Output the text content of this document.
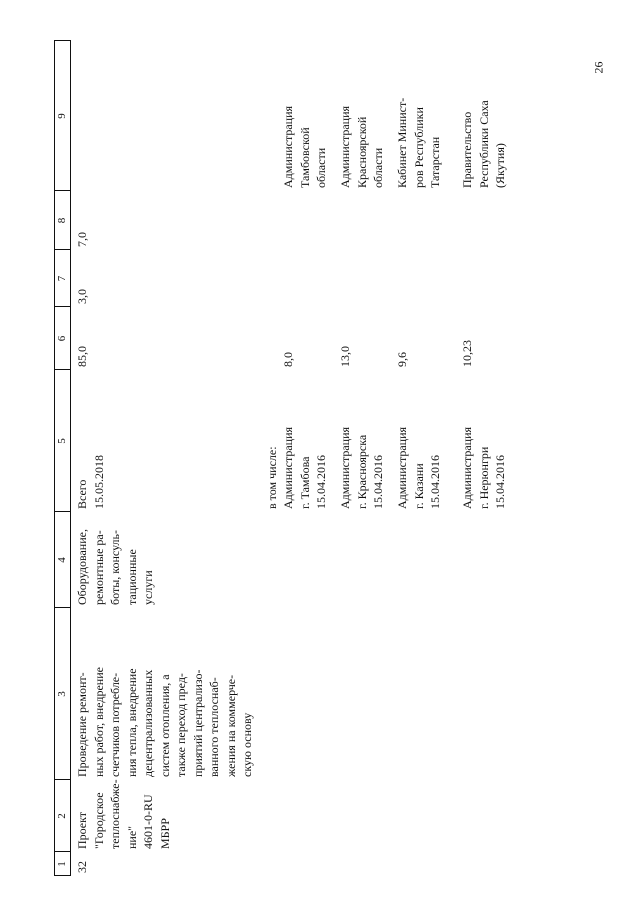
26
1
2
3
4
5
6
7
8
9
32
Проект
"Городское
теплоснабже-
ние"
4601-0-RU
МБРР
Проведение ремонт-
ных работ, внедрение
счетчиков потребле-
ния тепла, внедрение
децентрализованных
систем отопления, а
также переход пред-
приятий централизо-
ванного теплоснаб-
жения на коммерче-
скую основу
Оборудование,
ремонтные ра-
боты, консуль-
тационные
услуги
Всего
15.05.2018
85,0
3,0
7,0
в том числе: Администрация
г. Тамбова
15.04.2016
8,0
Администрация
Тамбовской
области
Администрация
г. Красноярска
15.04.2016
13,0
Администрация
Красноярской
области
Администрация
г. Казани
15.04.2016
9,6
Кабинет Минист-
ров Республики
Татарстан
Администрация
г. Нерюнгри
15.04.2016
10,23
Правительство
Республики Саха
(Якутия)
